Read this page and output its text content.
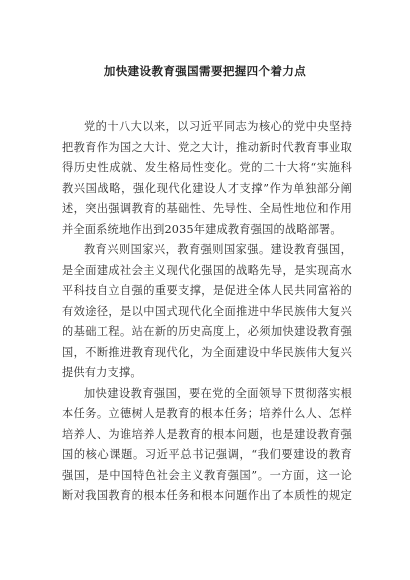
加快建设教育强国需要把握四个着力点
党的十八大以来，以习近平同志为核心的党中央坚持
把教育作为国之大计、党之大计，推动新时代教育事业取
得历史性成就、发生格局性变化。党的二十大将“实施科
教兴国战略，强化现代化建设人才支撑”作为单独部分阐
述，突出强调教育的基础性、先导性、全局性地位和作用
并全面系统地作出到2035年建成教育强国的战略部署。
教育兴则国家兴，教育强则国家强。建设教育强国，
是全面建成社会主义现代化强国的战略先导，是实现高水
平科技自立自强的重要支撑，是促进全体人民共同富裕的
有效途径，是以中国式现代化全面推进中华民族伟大复兴
的基础工程。站在新的历史高度上，必须加快建设教育强
国，不断推进教育现代化，为全面建设中华民族伟大复兴
提供有力支撑。
加快建设教育强国，要在党的全面领导下贯彻落实根
本任务。立德树人是教育的根本任务；培养什么人、怎样
培养人、为谁培养人是教育的根本问题，也是建设教育强
国的核心课题。习近平总书记强调，“我们要建设的教育
强国，是中国特色社会主义教育强国”。一方面，这一论
断对我国教育的根本任务和根本问题作出了本质性的规定
